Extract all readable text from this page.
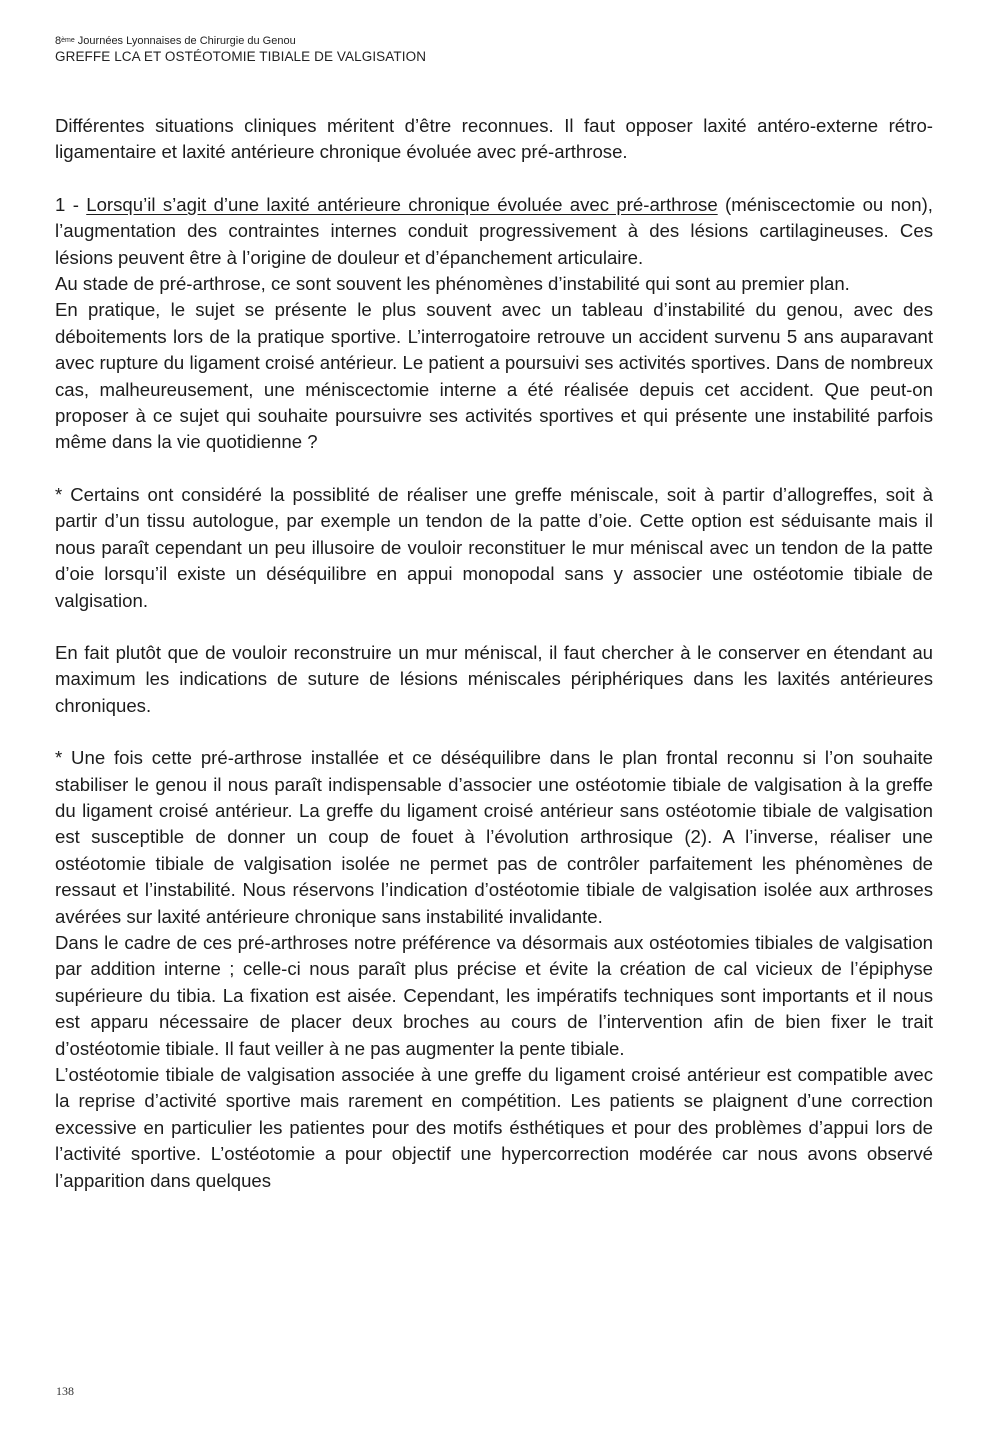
8ème Journées Lyonnaises de Chirurgie du Genou
GREFFE LCA ET OSTÉOTOMIE TIBIALE DE VALGISATION

Différentes situations cliniques méritent d’être reconnues. Il faut opposer laxité antéro-externe rétro-ligamentaire et laxité antérieure chronique évoluée avec pré-arthrose.

1 - Lorsqu’il s’agit d’une laxité antérieure chronique évoluée avec pré-arthrose (méniscectomie ou non), l’augmentation des contraintes internes conduit progressivement à des lésions cartilagineuses. Ces lésions peuvent être à l’origine de douleur et d’épanchement articulaire.

Au stade de pré-arthrose, ce sont souvent les phénomènes d’instabilité qui sont au premier plan.

En pratique, le sujet se présente le plus souvent avec un tableau d’instabilité du genou, avec des déboitements lors de la pratique sportive. L’interrogatoire retrouve un accident survenu 5 ans auparavant avec rupture du ligament croisé antérieur. Le patient a poursuivi ses activités sportives. Dans de nombreux cas, malheureusement, une méniscectomie interne a été réalisée depuis cet accident. Que peut-on proposer à ce sujet qui souhaite poursuivre ses activités sportives et qui présente une instabilité parfois même dans la vie quotidienne ?

* Certains ont considéré la possiblité de réaliser une greffe méniscale, soit à partir d’allogreffes, soit à partir d’un tissu autologue, par exemple un tendon de la patte d’oie. Cette option est séduisante mais il nous paraît cependant un peu illusoire de vouloir reconstituer le mur méniscal avec un tendon de la patte d’oie lorsqu’il existe un déséquilibre en appui monopodal sans y associer une ostéotomie tibiale de valgisation.

En fait plutôt que de vouloir reconstruire un mur méniscal, il faut chercher à le conserver en étendant au maximum les indications de suture de lésions méniscales périphériques dans les laxités antérieures chroniques.

* Une fois cette pré-arthrose installée et ce déséquilibre dans le plan frontal reconnu si l’on souhaite stabiliser le genou il nous paraît indispensable d’associer une ostéotomie tibiale de valgisation à la greffe du ligament croisé antérieur. La greffe du ligament croisé antérieur sans ostéotomie tibiale de valgisation est susceptible de donner un coup de fouet à l’évolution arthrosique (2). A l’inverse, réaliser une ostéotomie tibiale de valgisation isolée ne permet pas de contrôler parfaitement les phénomènes de ressaut et l’instabilité. Nous réservons l’indication d’ostéotomie tibiale de valgisation isolée aux arthroses avérées sur laxité antérieure chronique sans instabilité invalidante.

Dans le cadre de ces pré-arthroses notre préférence va désormais aux ostéotomies tibiales de valgisation par addition interne ; celle-ci nous paraît plus précise et évite la création de cal vicieux de l’épiphyse supérieure du tibia. La fixation est aisée. Cependant, les impératifs techniques sont importants et il nous est apparu nécessaire de placer deux broches au cours de l’intervention afin de bien fixer le trait d’ostéotomie tibiale. Il faut veiller à ne pas augmenter la pente tibiale.

L’ostéotomie tibiale de valgisation associée à une greffe du ligament croisé antérieur est compatible avec la reprise d’activité sportive mais rarement en compétition. Les patients se plaignent d’une correction excessive en particulier les patientes pour des motifs ésthétiques et pour des problèmes d’appui lors de l’activité sportive. L’ostéotomie a pour objectif une hypercorrection modérée car nous avons observé l’apparition dans quelques

138
